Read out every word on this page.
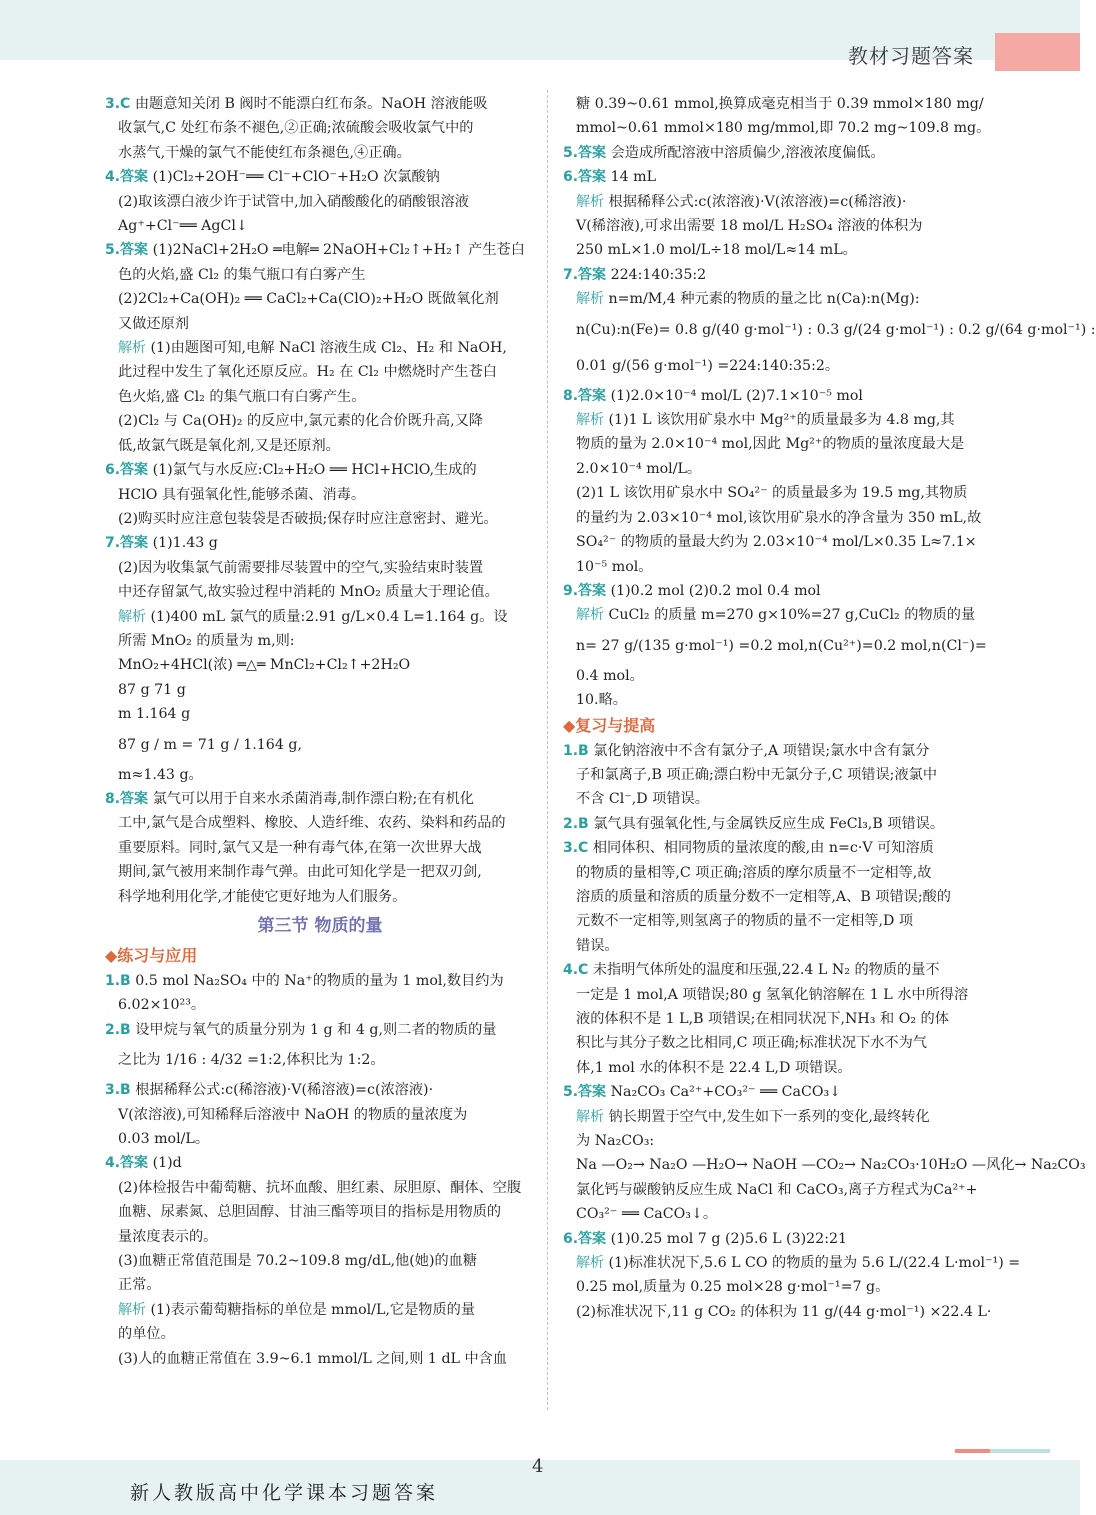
教材习题答案
3.C 由题意知关闭 B 阀时不能漂白红布条。NaOH 溶液能吸
收氯气,C 处红布条不褪色,②正确;浓硫酸会吸收氯气中的
水蒸气,干燥的氯气不能使红布条褪色,④正确。
4.答案 (1)Cl₂+2OH⁻══ Cl⁻+ClO⁻+H₂O 次氯酸钠
(2)取该漂白液少许于试管中,加入硝酸酸化的硝酸银溶液
Ag⁺+Cl⁻══ AgCl↓
5.答案 (1)2NaCl+2H₂O ═电解═ 2NaOH+Cl₂↑+H₂↑ 产生苍白
色的火焰,盛 Cl₂ 的集气瓶口有白雾产生
(2)2Cl₂+Ca(OH)₂ ══ CaCl₂+Ca(ClO)₂+H₂O 既做氧化剂
又做还原剂
解析 (1)由题图可知,电解 NaCl 溶液生成 Cl₂、H₂ 和 NaOH,
此过程中发生了氧化还原反应。H₂ 在 Cl₂ 中燃烧时产生苍白
色火焰,盛 Cl₂ 的集气瓶口有白雾产生。
(2)Cl₂ 与 Ca(OH)₂ 的反应中,氯元素的化合价既升高,又降
低,故氯气既是氧化剂,又是还原剂。
6.答案 (1)氯气与水反应:Cl₂+H₂O ══ HCl+HClO,生成的
HClO 具有强氧化性,能够杀菌、消毒。
(2)购买时应注意包装袋是否破损;保存时应注意密封、避光。
7.答案 (1)1.43 g
(2)因为收集氯气前需要排尽装置中的空气,实验结束时装置
中还存留氯气,故实验过程中消耗的 MnO₂ 质量大于理论值。
解析 (1)400 mL 氯气的质量:2.91 g/L×0.4 L=1.164 g。设
所需 MnO₂ 的质量为 m,则:
MnO₂+4HCl(浓) ═△═ MnCl₂+Cl₂↑+2H₂O
87 g 71 g
m 1.164 g
87 g / m = 71 g / 1.164 g,
m≈1.43 g。
8.答案 氯气可以用于自来水杀菌消毒,制作漂白粉;在有机化
工中,氯气是合成塑料、橡胶、人造纤维、农药、染料和药品的
重要原料。同时,氯气又是一种有毒气体,在第一次世界大战
期间,氯气被用来制作毒气弹。由此可知化学是一把双刃剑,
科学地利用化学,才能使它更好地为人们服务。
第三节 物质的量
◆练习与应用
1.B 0.5 mol Na₂SO₄ 中的 Na⁺的物质的量为 1 mol,数目约为
6.02×10²³。
2.B 设甲烷与氧气的质量分别为 1 g 和 4 g,则二者的物质的量
之比为 1/16 : 4/32 =1:2,体积比为 1:2。
3.B 根据稀释公式:c(稀溶液)·V(稀溶液)=c(浓溶液)·
V(浓溶液),可知稀释后溶液中 NaOH 的物质的量浓度为
0.03 mol/L。
4.答案 (1)d
(2)体检报告中葡萄糖、抗坏血酸、胆红素、尿胆原、酮体、空腹
血糖、尿素氮、总胆固醇、甘油三酯等项目的指标是用物质的
量浓度表示的。
(3)血糖正常值范围是 70.2~109.8 mg/dL,他(她)的血糖
正常。
解析 (1)表示葡萄糖指标的单位是 mmol/L,它是物质的量
的单位。
(3)人的血糖正常值在 3.9~6.1 mmol/L 之间,则 1 dL 中含血
糖 0.39~0.61 mmol,换算成毫克相当于 0.39 mmol×180 mg/
mmol~0.61 mmol×180 mg/mmol,即 70.2 mg~109.8 mg。
5.答案 会造成所配溶液中溶质偏少,溶液浓度偏低。
6.答案 14 mL
解析 根据稀释公式:c(浓溶液)·V(浓溶液)=c(稀溶液)·
V(稀溶液),可求出需要 18 mol/L H₂SO₄ 溶液的体积为
250 mL×1.0 mol/L÷18 mol/L≈14 mL。
7.答案 224:140:35:2
解析 n=m/M,4 种元素的物质的量之比 n(Ca):n(Mg):
n(Cu):n(Fe)= 0.8 g/(40 g·mol⁻¹) : 0.3 g/(24 g·mol⁻¹) : 0.2 g/(64 g·mol⁻¹) :
0.01 g/(56 g·mol⁻¹) =224:140:35:2。
8.答案 (1)2.0×10⁻⁴ mol/L (2)7.1×10⁻⁵ mol
解析 (1)1 L 该饮用矿泉水中 Mg²⁺的质量最多为 4.8 mg,其
物质的量为 2.0×10⁻⁴ mol,因此 Mg²⁺的物质的量浓度最大是
2.0×10⁻⁴ mol/L。
(2)1 L 该饮用矿泉水中 SO₄²⁻ 的质量最多为 19.5 mg,其物质
的量约为 2.03×10⁻⁴ mol,该饮用矿泉水的净含量为 350 mL,故
SO₄²⁻ 的物质的量最大约为 2.03×10⁻⁴ mol/L×0.35 L≈7.1×
10⁻⁵ mol。
9.答案 (1)0.2 mol (2)0.2 mol 0.4 mol
解析 CuCl₂ 的质量 m=270 g×10%=27 g,CuCl₂ 的物质的量
n= 27 g/(135 g·mol⁻¹) =0.2 mol,n(Cu²⁺)=0.2 mol,n(Cl⁻)=
0.4 mol。
10.略。
◆复习与提高
1.B 氯化钠溶液中不含有氯分子,A 项错误;氯水中含有氯分
子和氯离子,B 项正确;漂白粉中无氯分子,C 项错误;液氯中
不含 Cl⁻,D 项错误。
2.B 氯气具有强氧化性,与金属铁反应生成 FeCl₃,B 项错误。
3.C 相同体积、相同物质的量浓度的酸,由 n=c·V 可知溶质
的物质的量相等,C 项正确;溶质的摩尔质量不一定相等,故
溶质的质量和溶质的质量分数不一定相等,A、B 项错误;酸的
元数不一定相等,则氢离子的物质的量不一定相等,D 项
错误。
4.C 未指明气体所处的温度和压强,22.4 L N₂ 的物质的量不
一定是 1 mol,A 项错误;80 g 氢氧化钠溶解在 1 L 水中所得溶
液的体积不是 1 L,B 项错误;在相同状况下,NH₃ 和 O₂ 的体
积比与其分子数之比相同,C 项正确;标准状况下水不为气
体,1 mol 水的体积不是 22.4 L,D 项错误。
5.答案 Na₂CO₃ Ca²⁺+CO₃²⁻ ══ CaCO₃↓
解析 钠长期置于空气中,发生如下一系列的变化,最终转化
为 Na₂CO₃:
Na —O₂→ Na₂O —H₂O→ NaOH —CO₂→ Na₂CO₃·10H₂O —风化→ Na₂CO₃
氯化钙与碳酸钠反应生成 NaCl 和 CaCO₃,离子方程式为Ca²⁺+
CO₃²⁻ ══ CaCO₃↓。
6.答案 (1)0.25 mol 7 g (2)5.6 L (3)22:21
解析 (1)标准状况下,5.6 L CO 的物质的量为 5.6 L/(22.4 L·mol⁻¹) =
0.25 mol,质量为 0.25 mol×28 g·mol⁻¹=7 g。
(2)标准状况下,11 g CO₂ 的体积为 11 g/(44 g·mol⁻¹) ×22.4 L·
4
新人教版高中化学课本习题答案
